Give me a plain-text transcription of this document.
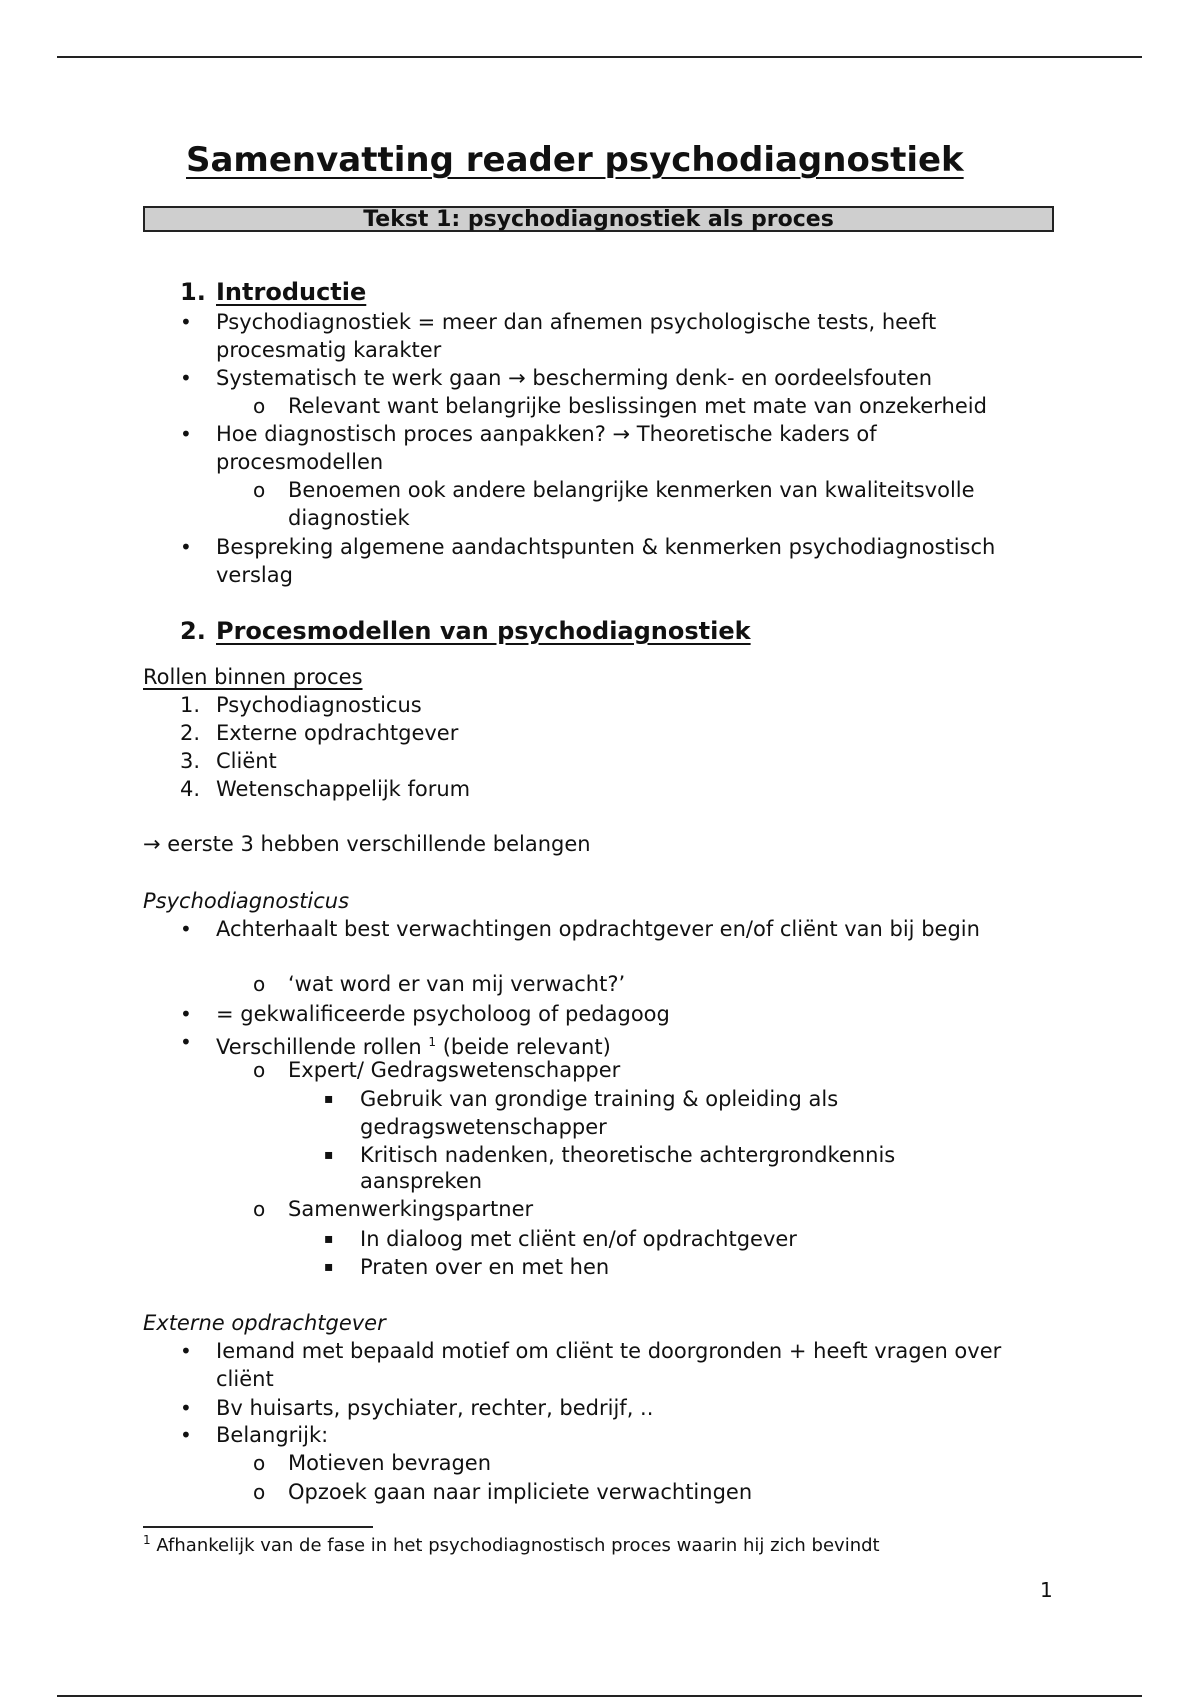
Samenvatting reader psychodiagnostiek
Tekst 1: psychodiagnostiek als proces
1. Introductie
• Psychodiagnostiek = meer dan afnemen psychologische tests, heeft
procesmatig karakter
• Systematisch te werk gaan → bescherming denk- en oordeelsfouten
o Relevant want belangrijke beslissingen met mate van onzekerheid
• Hoe diagnostisch proces aanpakken? → Theoretische kaders of
procesmodellen
o Benoemen ook andere belangrijke kenmerken van kwaliteitsvolle
diagnostiek
• Bespreking algemene aandachtspunten & kenmerken psychodiagnostisch
verslag
2. Procesmodellen van psychodiagnostiek
Rollen binnen proces
1. Psychodiagnosticus
2. Externe opdrachtgever
3. Cliënt
4. Wetenschappelijk forum
→ eerste 3 hebben verschillende belangen
Psychodiagnosticus
• Achterhaalt best verwachtingen opdrachtgever en/of cliënt van bij begin
o ‘wat word er van mij verwacht?’
• = gekwalificeerde psycholoog of pedagoog
• Verschillende rollen $^1$ (beide relevant)
o Expert/ Gedragswetenschapper
▪ Gebruik van grondige training & opleiding als
gedragswetenschapper
▪ Kritisch nadenken, theoretische achtergrondkennis
aanspreken
o Samenwerkingspartner
▪ In dialoog met cliënt en/of opdrachtgever
▪ Praten over en met hen
Externe opdrachtgever
• Iemand met bepaald motief om cliënt te doorgronden + heeft vragen over
cliënt
• Bv huisarts, psychiater, rechter, bedrijf, ..
• Belangrijk:
o Motieven bevragen
o Opzoek gaan naar impliciete verwachtingen
$^1$ Afhankelijk van de fase in het psychodiagnostisch proces waarin hij zich bevindt
1
